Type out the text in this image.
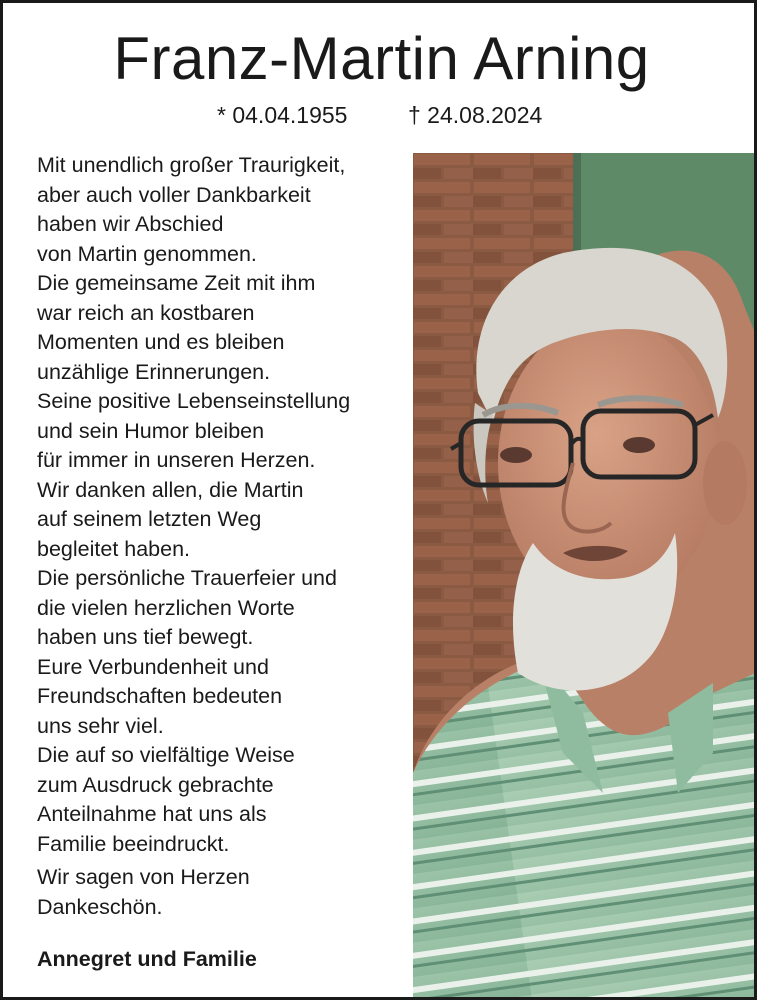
Franz-Martin Arning
* 04.04.1955	† 24.08.2024
Mit unendlich großer Traurigkeit,
aber auch voller Dankbarkeit
haben wir Abschied
von Martin genommen.
Die gemeinsame Zeit mit ihm
war reich an kostbaren
Momenten und es bleiben
unzählige Erinnerungen.
Seine positive Lebenseinstellung
und sein Humor bleiben
für immer in unseren Herzen.
Wir danken allen, die Martin
auf seinem letzten Weg
begleitet haben.
Die persönliche Trauerfeier und
die vielen herzlichen Worte
haben uns tief bewegt.
Eure Verbundenheit und
Freundschaften bedeuten
uns sehr viel.
Die auf so vielfältige Weise
zum Ausdruck gebrachte
Anteilnahme hat uns als
Familie beeindruckt.
Wir sagen von Herzen
Dankeschön.
Annegret und Familie
